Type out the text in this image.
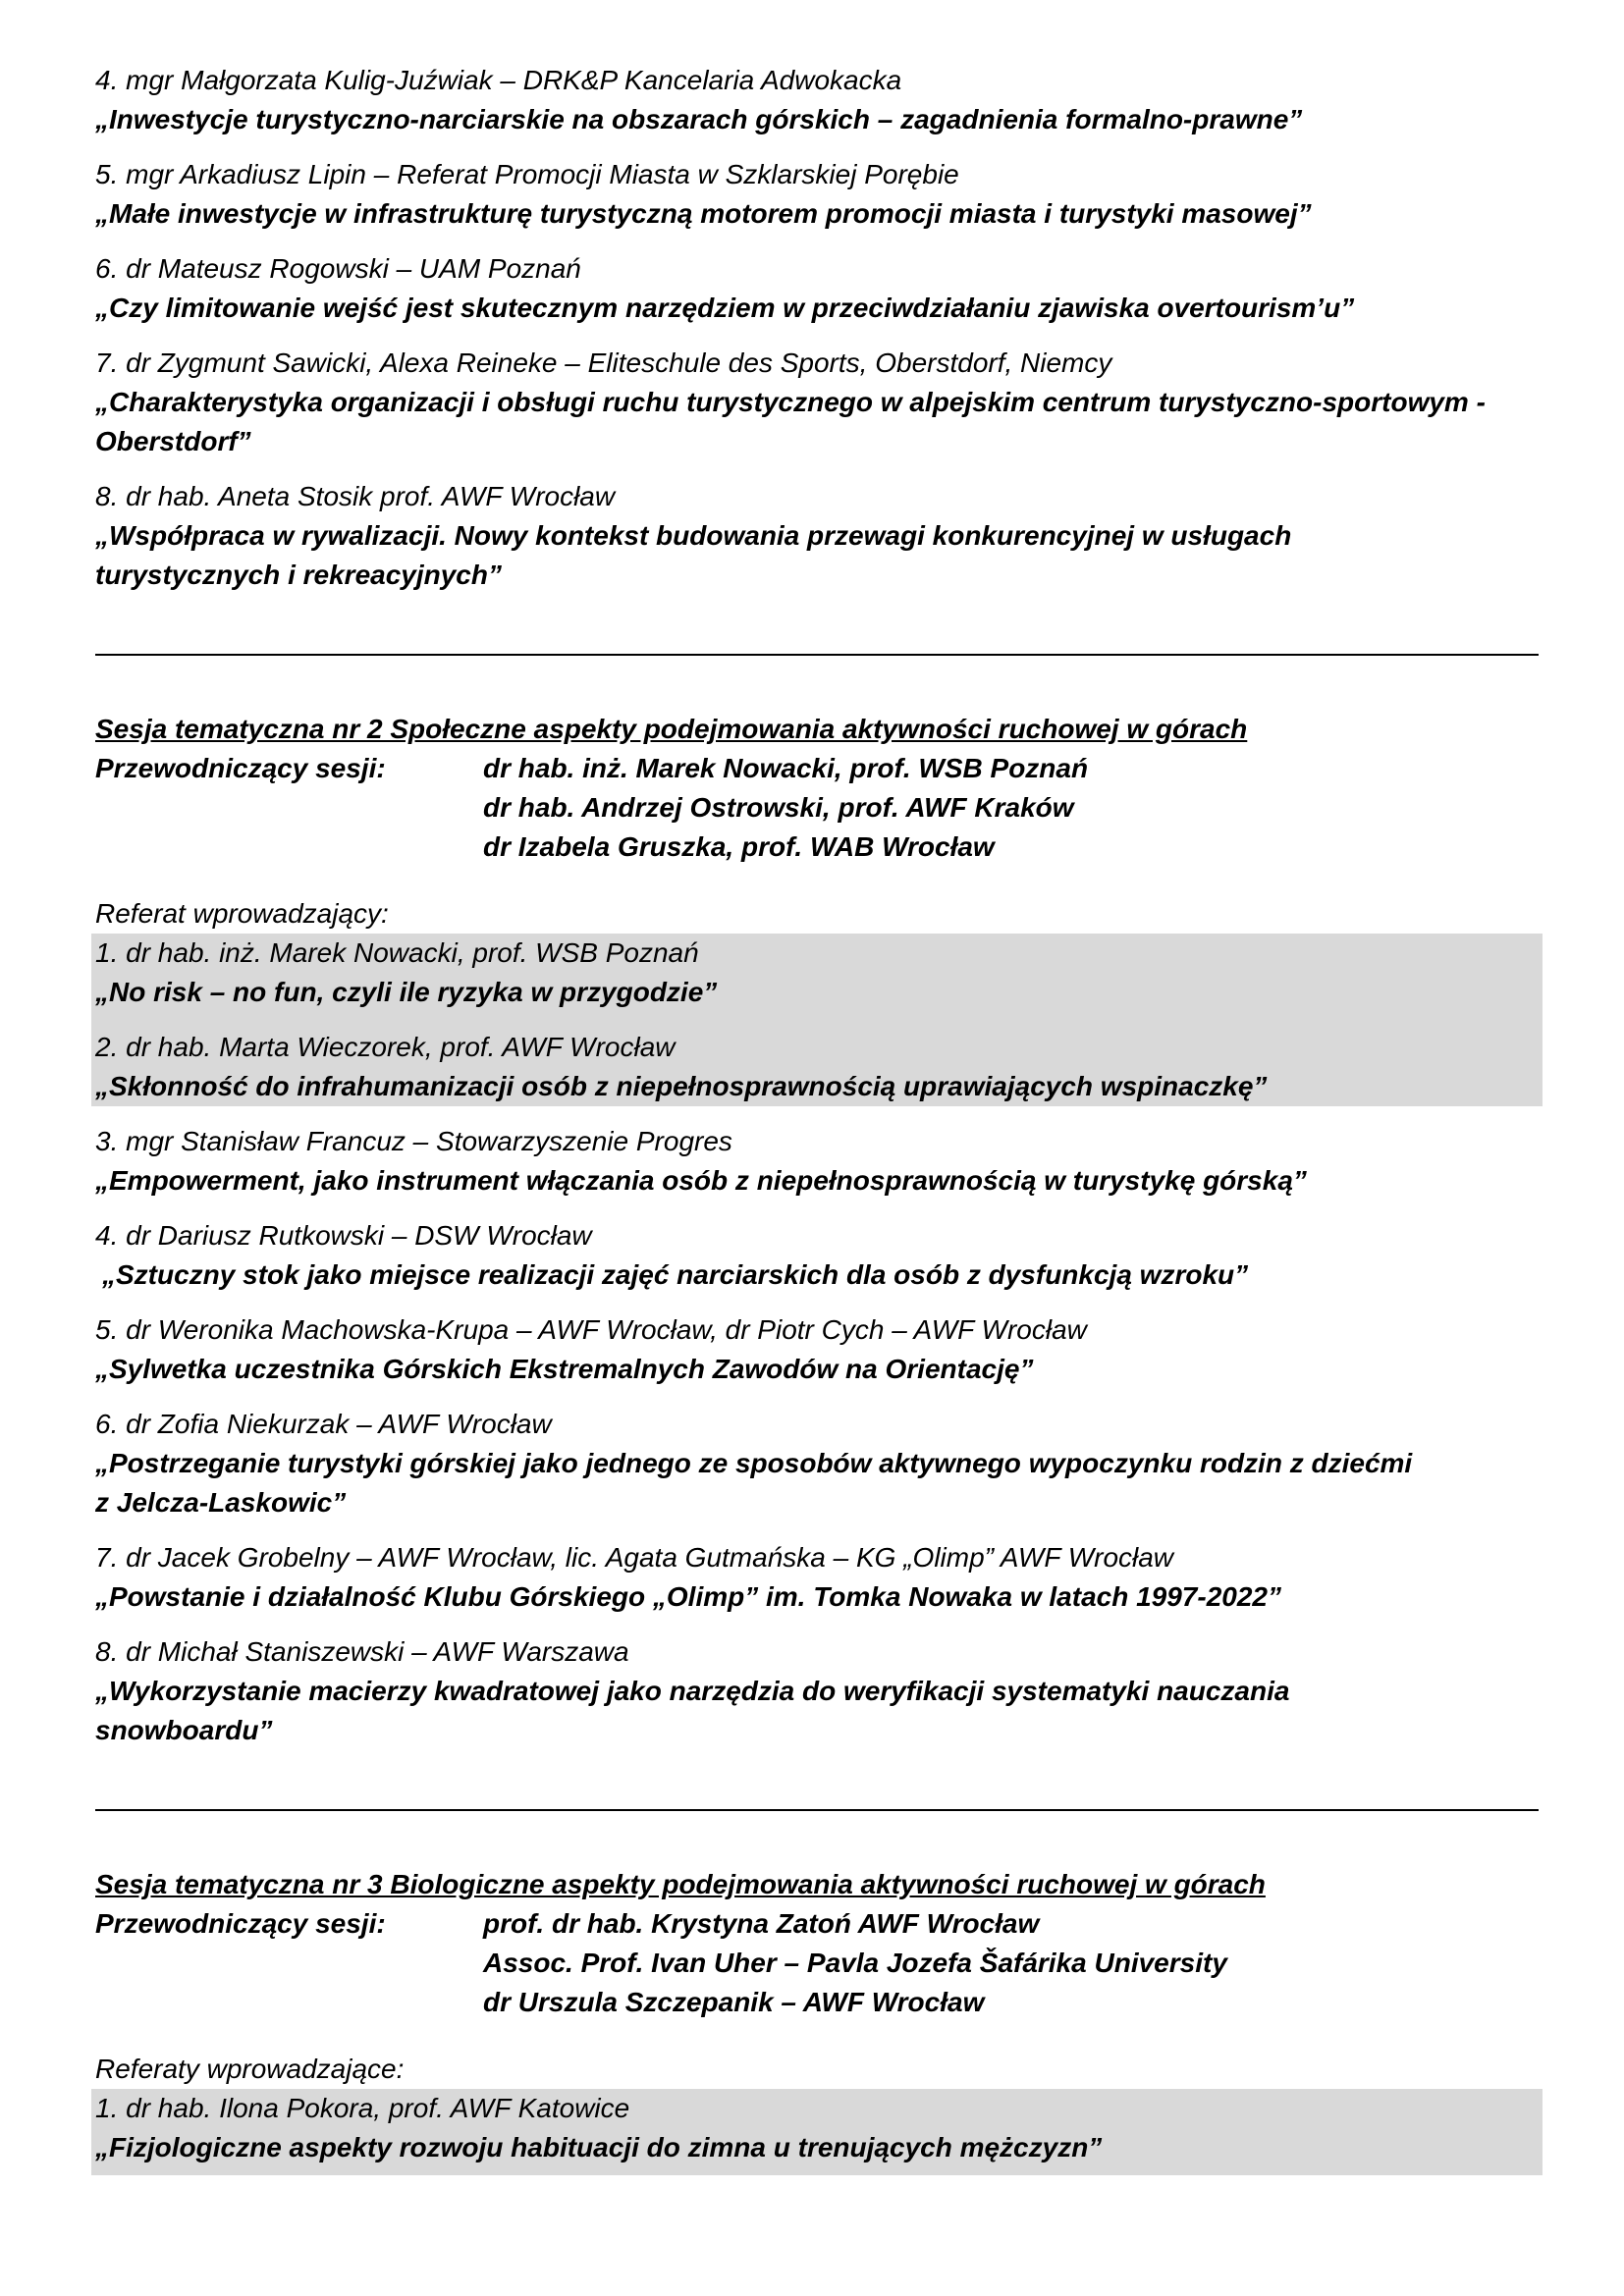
4. mgr Małgorzata Kulig-Juźwiak – DRK&P Kancelaria Adwokacka
„Inwestycje turystyczno-narciarskie na obszarach górskich – zagadnienia formalno-prawne”
5. mgr Arkadiusz Lipin – Referat Promocji Miasta w Szklarskiej Porębie
„Małe inwestycje w infrastrukturę turystyczną motorem promocji miasta i turystyki masowej”
6. dr Mateusz Rogowski – UAM Poznań
„Czy limitowanie wejść jest skutecznym narzędziem w przeciwdziałaniu zjawiska overtourism’u”
7. dr Zygmunt Sawicki, Alexa Reineke – Eliteschule des Sports, Oberstdorf, Niemcy
„Charakterystyka organizacji i obsługi ruchu turystycznego w alpejskim centrum turystyczno-sportowym -
Oberstdorf”
8. dr hab. Aneta Stosik prof. AWF Wrocław
„Współpraca w rywalizacji. Nowy kontekst budowania przewagi konkurencyjnej w usługach
turystycznych i rekreacyjnych”
Sesja tematyczna nr 2 Społeczne aspekty podejmowania aktywności ruchowej w górach
Przewodniczący sesji:	dr hab. inż. Marek Nowacki, prof. WSB Poznań
dr hab. Andrzej Ostrowski, prof. AWF Kraków
dr Izabela Gruszka, prof. WAB Wrocław
Referat wprowadzający:
1. dr hab. inż. Marek Nowacki, prof. WSB Poznań
„No risk – no fun, czyli ile ryzyka w przygodzie”
2. dr hab. Marta Wieczorek, prof. AWF Wrocław
„Skłonność do infrahumanizacji osób z niepełnosprawnością uprawiających wspinaczkę”
3. mgr Stanisław Francuz – Stowarzyszenie Progres
„Empowerment, jako instrument włączania osób z niepełnosprawnością w turystykę górską”
4. dr Dariusz Rutkowski – DSW Wrocław
„Sztuczny stok jako miejsce realizacji zajęć narciarskich dla osób z dysfunkcją wzroku”
5. dr Weronika Machowska-Krupa – AWF Wrocław, dr Piotr Cych – AWF Wrocław
„Sylwetka uczestnika Górskich Ekstremalnych Zawodów na Orientację”
6. dr Zofia Niekurzak – AWF Wrocław
„Postrzeganie turystyki górskiej jako jednego ze sposobów aktywnego wypoczynku rodzin z dziećmi
z Jelcza-Laskowic”
7. dr Jacek Grobelny – AWF Wrocław, lic. Agata Gutmańska – KG „Olimp” AWF Wrocław
„Powstanie i działalność Klubu Górskiego „Olimp” im. Tomka Nowaka w latach 1997-2022”
8. dr Michał Staniszewski – AWF Warszawa
„Wykorzystanie macierzy kwadratowej jako narzędzia do weryfikacji systematyki nauczania
snowboardu”
Sesja tematyczna nr 3 Biologiczne aspekty podejmowania aktywności ruchowej w górach
Przewodniczący sesji:	prof. dr hab. Krystyna Zatoń AWF Wrocław
Assoc. Prof. Ivan Uher – Pavla Jozefa Šafárika University
dr Urszula Szczepanik – AWF Wrocław
Referaty wprowadzające:
1. dr hab. Ilona Pokora, prof. AWF Katowice
„Fizjologiczne aspekty rozwoju habituacji do zimna u trenujących mężczyzn”
